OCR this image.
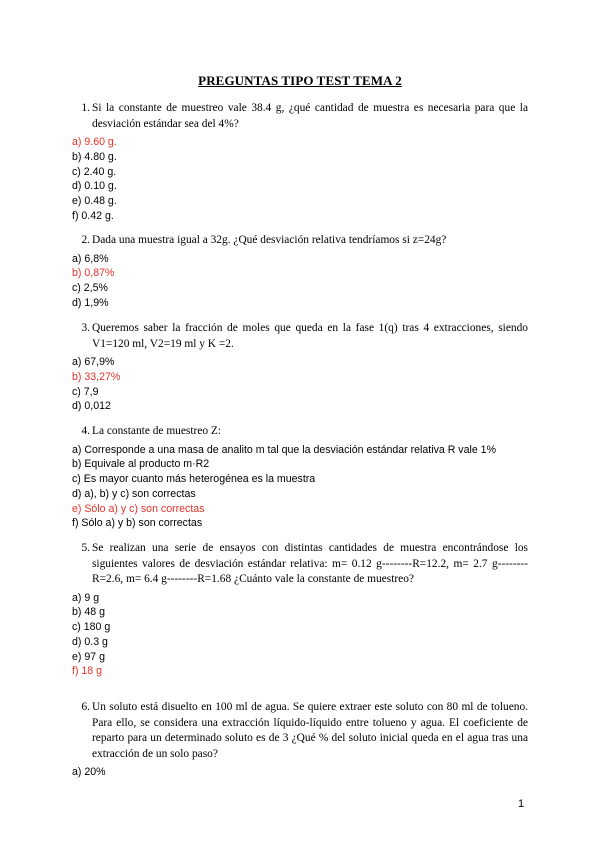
PREGUNTAS TIPO TEST TEMA 2
1. Si la constante de muestreo vale 38.4 g, ¿qué cantidad de muestra es necesaria para que la desviación estándar sea del 4%?
a) 9.60 g.
b) 4.80 g.
c) 2.40 g.
d) 0.10 g.
e) 0.48 g.
f) 0.42 g.
2. Dada una muestra igual a 32g. ¿Qué desviación relativa tendríamos si z=24g?
a) 6,8%
b) 0,87%
c) 2,5%
d) 1,9%
3. Queremos saber la fracción de moles que queda en la fase 1(q) tras 4 extracciones, siendo V1=120 ml, V2=19 ml y K =2.
a) 67,9%
b) 33,27%
c) 7,9
d) 0,012
4. La constante de muestreo Z:
a) Corresponde a una masa de analito m tal que la desviación estándar relativa R vale 1%
b) Equivale al producto m·R2
c) Es mayor cuanto más heterogénea es la muestra
d) a), b) y c) son correctas
e) Sólo a) y c) son correctas
f) Sólo a) y b) son correctas
5. Se realizan una serie de ensayos con distintas cantidades de muestra encontrándose los siguientes valores de desviación estándar relativa: m= 0.12 g--------R=12.2, m= 2.7 g--------R=2.6, m= 6.4 g--------R=1.68 ¿Cuánto vale la constante de muestreo?
a) 9 g
b) 48 g
c) 180 g
d) 0.3 g
e) 97 g
f) 18 g
6. Un soluto está disuelto en 100 ml de agua. Se quiere extraer este soluto con 80 ml de tolueno. Para ello, se considera una extracción líquido-líquido entre tolueno y agua. El coeficiente de reparto para un determinado soluto es de 3 ¿Qué % del soluto inicial queda en el agua tras una extracción de un solo paso?
a) 20%
1
